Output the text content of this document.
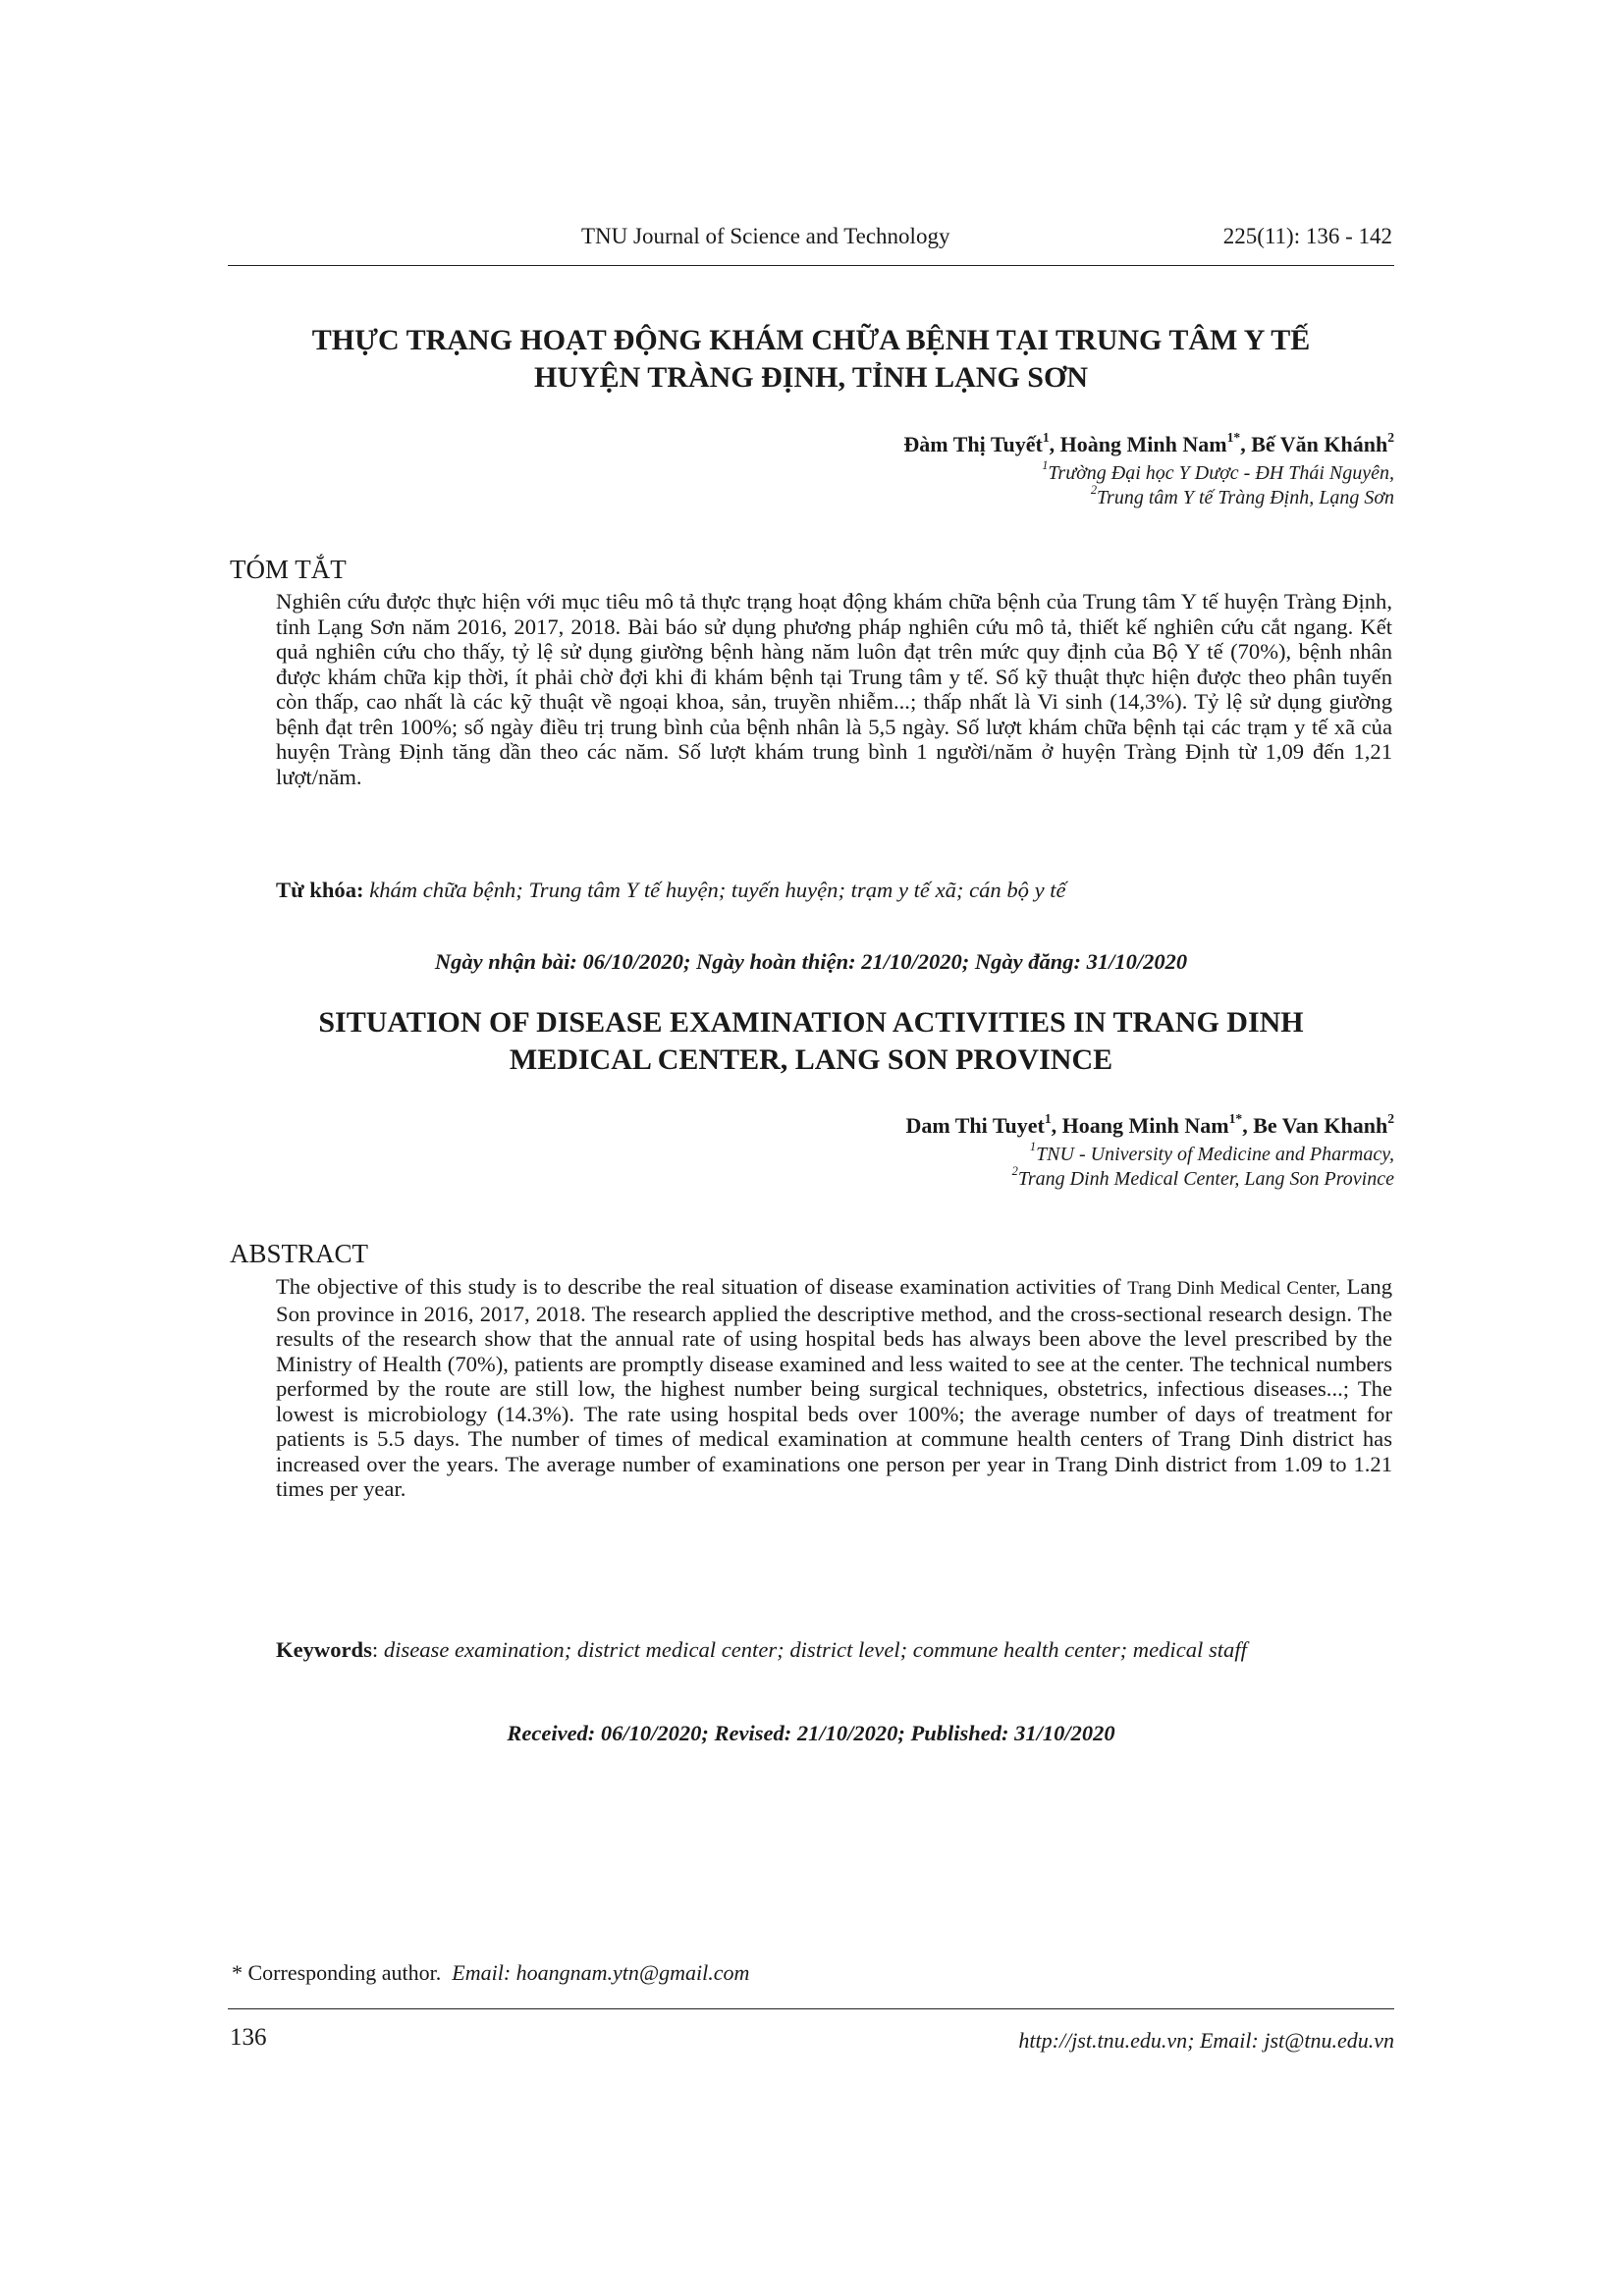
TNU Journal of Science and Technology	225(11): 136 - 142
THỰC TRẠNG HOẠT ĐỘNG KHÁM CHỮA BỆNH TẠI TRUNG TÂM Y TẾ
HUYỆN TRÀNG ĐỊNH, TỈNH LẠNG SƠN
Đàm Thị Tuyết$^1$, Hoàng Minh Nam$^{1*}$, Bế Văn Khánh$^2$
$^1$Trường Đại học Y Dược - ĐH Thái Nguyên,
$^2$Trung tâm Y tế Tràng Định, Lạng Sơn
TÓM TẮT
Nghiên cứu được thực hiện với mục tiêu mô tả thực trạng hoạt động khám chữa bệnh của Trung tâm Y tế huyện Tràng Định, tỉnh Lạng Sơn năm 2016, 2017, 2018. Bài báo sử dụng phương pháp nghiên cứu mô tả, thiết kế nghiên cứu cắt ngang. Kết quả nghiên cứu cho thấy, tỷ lệ sử dụng giường bệnh hàng năm luôn đạt trên mức quy định của Bộ Y tế (70%), bệnh nhân được khám chữa kịp thời, ít phải chờ đợi khi đi khám bệnh tại Trung tâm y tế. Số kỹ thuật thực hiện được theo phân tuyến còn thấp, cao nhất là các kỹ thuật về ngoại khoa, sản, truyền nhiễm...; thấp nhất là Vi sinh (14,3%). Tỷ lệ sử dụng giường bệnh đạt trên 100%; số ngày điều trị trung bình của bệnh nhân là 5,5 ngày. Số lượt khám chữa bệnh tại các trạm y tế xã của huyện Tràng Định tăng dần theo các năm. Số lượt khám trung bình 1 người/năm ở huyện Tràng Định từ 1,09 đến 1,21 lượt/năm.
Từ khóa: khám chữa bệnh; Trung tâm Y tế huyện; tuyến huyện; trạm y tế xã; cán bộ y tế
Ngày nhận bài: 06/10/2020; Ngày hoàn thiện: 21/10/2020; Ngày đăng: 31/10/2020
SITUATION OF DISEASE EXAMINATION ACTIVITIES IN TRANG DINH
MEDICAL CENTER, LANG SON PROVINCE
Dam Thi Tuyet$^1$, Hoang Minh Nam$^{1*}$, Be Van Khanh$^2$
$^1$TNU - University of Medicine and Pharmacy,
$^2$Trang Dinh Medical Center, Lang Son Province
ABSTRACT
The objective of this study is to describe the real situation of disease examination activities of Trang Dinh Medical Center, Lang Son province in 2016, 2017, 2018. The research applied the descriptive method, and the cross-sectional research design. The results of the research show that the annual rate of using hospital beds has always been above the level prescribed by the Ministry of Health (70%), patients are promptly disease examined and less waited to see at the center. The technical numbers performed by the route are still low, the highest number being surgical techniques, obstetrics, infectious diseases...; The lowest is microbiology (14.3%). The rate using hospital beds over 100%; the average number of days of treatment for patients is 5.5 days. The number of times of medical examination at commune health centers of Trang Dinh district has increased over the years. The average number of examinations one person per year in Trang Dinh district from 1.09 to 1.21 times per year.
Keywords: disease examination; district medical center; district level; commune health center; medical staff
Received: 06/10/2020; Revised: 21/10/2020; Published: 31/10/2020
* Corresponding author. Email: hoangnam.ytn@gmail.com
136	http://jst.tnu.edu.vn; Email: jst@tnu.edu.vn
